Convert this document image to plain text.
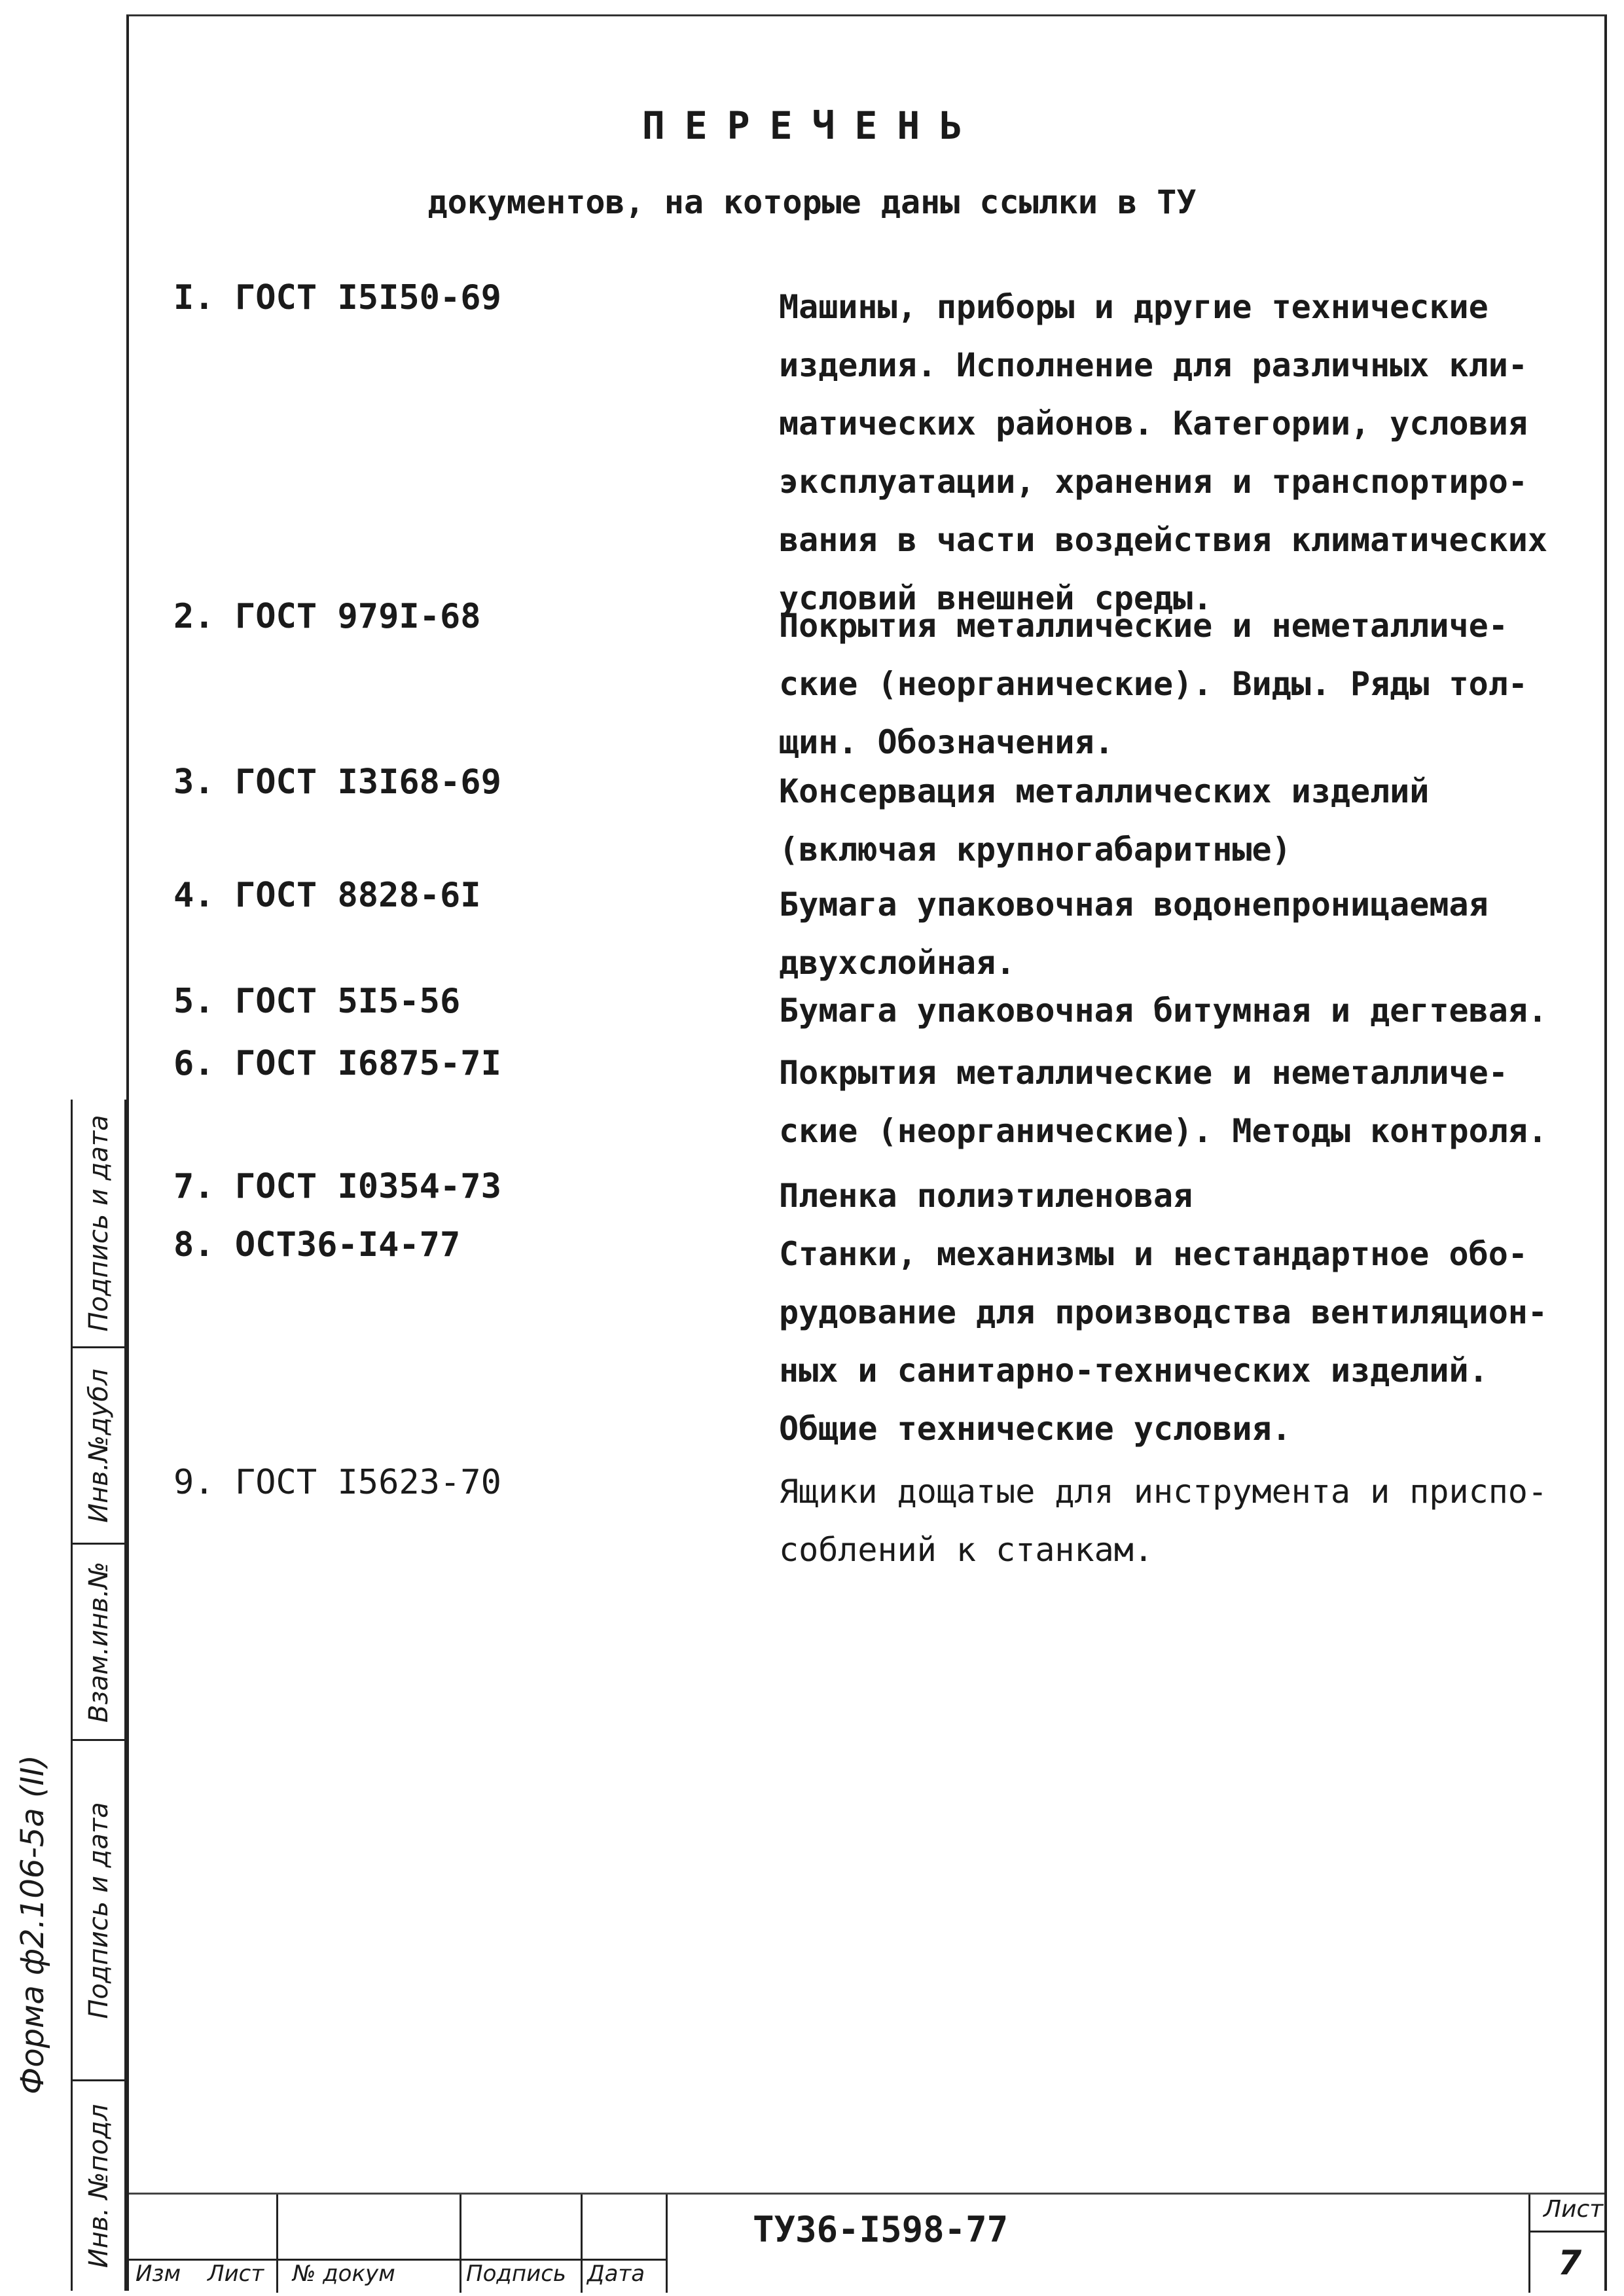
ПЕРЕЧЕНЬ
документов, на которые даны ссылки в ТУ
I. ГОСТ I5I50-69	Машины, приборы и другие технические
изделия. Исполнение для различных кли-
матических районов. Категории, условия
эксплуатации, хранения и транспортиро-
вания в части воздействия климатических
условий внешней среды.
2. ГОСТ 979I-68	Покрытия металлические и неметалличе-
ские (неорганические). Виды. Ряды тол-
щин. Обозначения.
3. ГОСТ I3I68-69	Консервация металлических изделий
(включая крупногабаритные)
4. ГОСТ 8828-6I	Бумага упаковочная водонепроницаемая
двухслойная.
5. ГОСТ 5I5-56	Бумага упаковочная битумная и дегтевая.
6. ГОСТ I6875-7I	Покрытия металлические и неметалличе-
ские (неорганические). Методы контроля.
7. ГОСТ I0354-73	Пленка полиэтиленовая
8. ОСТ36-I4-77	Станки, механизмы и нестандартное обо-
рудование для производства вентиляцион-
ных и санитарно-технических изделий.
Общие технические условия.
9. ГОСТ I5623-70	Ящики дощатые для инструмента и приспо-
соблений к станкам.
Подпись и дата
Инв.№дубл
Взам.инв.№
Подпись и дата
Инв. №подл
Форма ф2.106-5а (II)
Изм Лист № докум	Подпись Дата
ТУ36-I598-77	Лист
7
